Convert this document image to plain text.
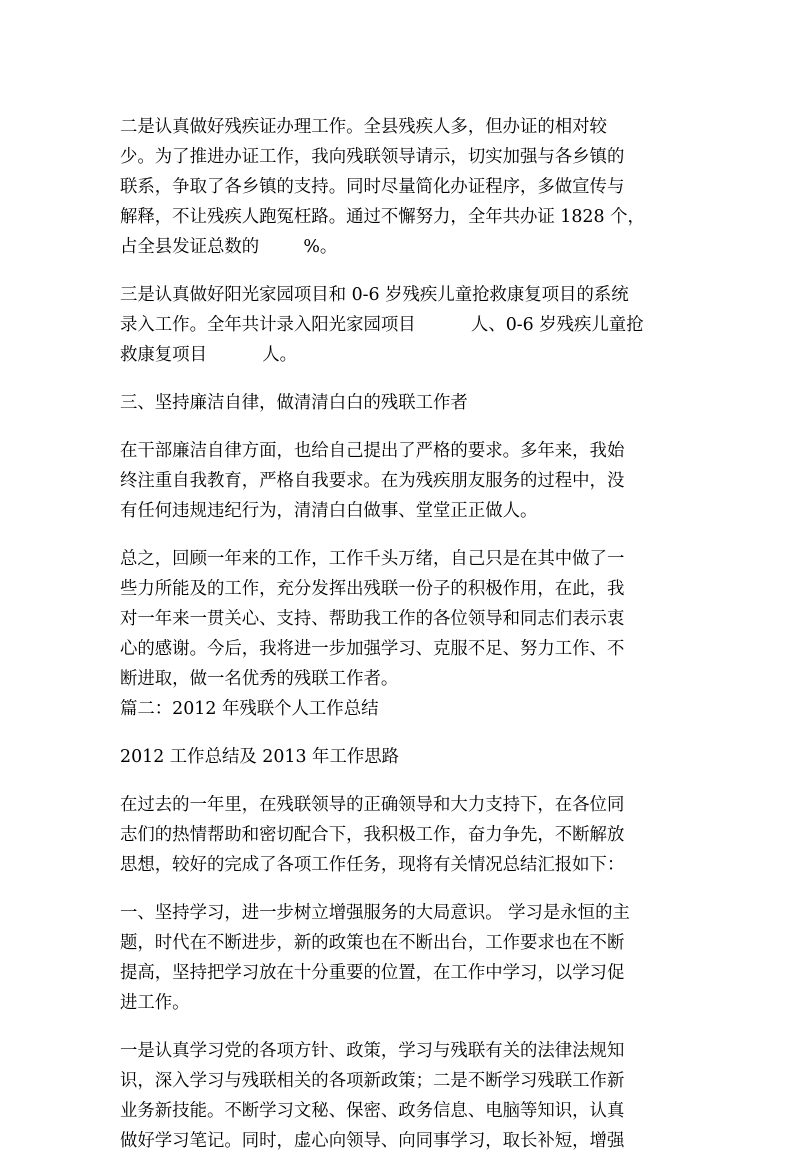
二是认真做好残疾证办理工作。全县残疾人多，但办证的相对较
少。为了推进办证工作，我向残联领导请示，切实加强与各乡镇的
联系，争取了各乡镇的支持。同时尽量简化办证程序，多做宣传与
解释，不让残疾人跑冤枉路。通过不懈努力，全年共办证 1828 个，
占全县发证总数的        %。

三是认真做好阳光家园项目和 0-6 岁残疾儿童抢救康复项目的系统
录入工作。全年共计录入阳光家园项目          人、0-6 岁残疾儿童抢
救康复项目          人。

三、坚持廉洁自律，做清清白白的残联工作者

在干部廉洁自律方面，也给自己提出了严格的要求。多年来，我始
终注重自我教育，严格自我要求。在为残疾朋友服务的过程中，没
有任何违规违纪行为，清清白白做事、堂堂正正做人。

总之，回顾一年来的工作，工作千头万绪，自己只是在其中做了一
些力所能及的工作，充分发挥出残联一份子的积极作用，在此，我
对一年来一贯关心、支持、帮助我工作的各位领导和同志们表示衷
心的感谢。今后，我将进一步加强学习、克服不足、努力工作、不
断进取，做一名优秀的残联工作者。
篇二：2012 年残联个人工作总结

2012 工作总结及 2013 年工作思路

在过去的一年里，在残联领导的正确领导和大力支持下，在各位同
志们的热情帮助和密切配合下，我积极工作，奋力争先，不断解放
思想，较好的完成了各项工作任务，现将有关情况总结汇报如下：

一、坚持学习，进一步树立增强服务的大局意识。 学习是永恒的主
题，时代在不断进步，新的政策也在不断出台，工作要求也在不断
提高，坚持把学习放在十分重要的位置，在工作中学习，以学习促
进工作。

一是认真学习党的各项方针、政策，学习与残联有关的法律法规知
识，深入学习与残联相关的各项新政策；二是不断学习残联工作新
业务新技能。不断学习文秘、保密、政务信息、电脑等知识，认真
做好学习笔记。同时，虚心向领导、向同事学习，取长补短，增强
